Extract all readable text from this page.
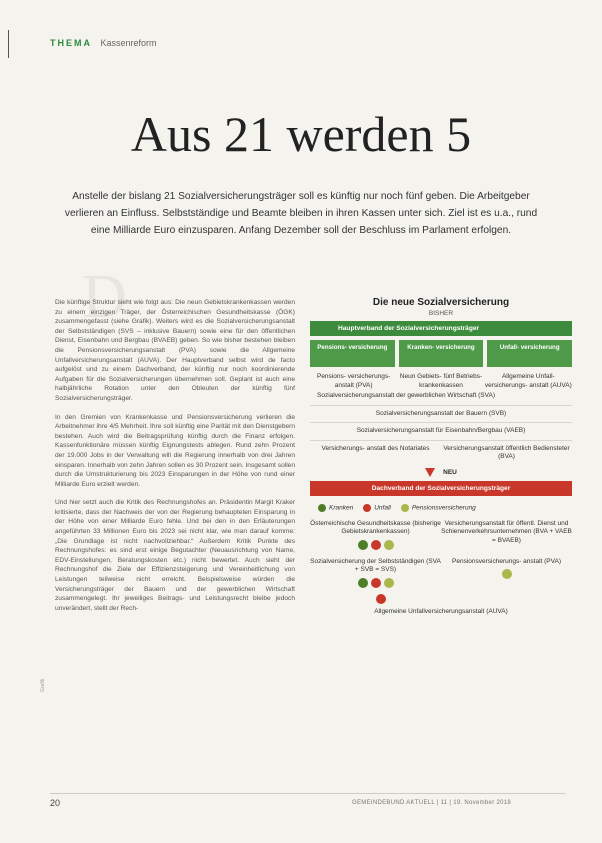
THEMA Kassenreform
Aus 21 werden 5
Anstelle der bislang 21 Sozialversicherungsträger soll es künftig nur noch fünf geben. Die Arbeitgeber verlieren an Einfluss. Selbstständige und Beamte bleiben in ihren Kassen unter sich. Ziel ist es u.a., rund eine Milliarde Euro einzusparen. Anfang Dezember soll der Beschluss im Parlament erfolgen.
D

Die künftige Struktur sieht wie folgt aus: Die neun Gebietskrankenkassen werden zu einem einzigen Träger, der Österreichischen Gesundheitskasse (ÖGK) zusammengefasst (siehe Grafik). Weiters wird es die Sozialversicherungsanstalt der Selbstständigen (SVS – inklusive Bauern) sowie eine für den öffentlichen Dienst, Eisenbahn und Bergbau (BVAEB) geben. So wie bisher bestehen bleiben die Pensionsversicherungsanstalt (PVA) sowie die Allgemeine Unfallversicherungsanstalt (AUVA). Der Hauptverband selbst wird de facto aufgelöst und zu einem Dachverband, der künftig nur noch koordinierende Aufgaben für die Sozialversicherungen übernehmen soll. Geplant ist auch eine halbjährliche Rotation unter den Obleuten der künftig fünf Sozialversicherungsträger.

In den Gremien von Krankenkasse und Pensionsversicherung verlieren die Arbeitnehmer ihre 4/5 Mehrheit. Ihre soll künftig eine Parität mit den Dienstgebern bestehen. Auch wird die Beitragsprüfung künftig durch die Finanz erfolgen. Kassenfunktionäre müssen künftig Eignungstests ablegen. Rund zehn Prozent der 19.000 Jobs in der Verwaltung will die Regierung innerhalb von drei Jahren einsparen. Innerhalb von zehn Jahren sollen es 30 Prozent sein. Insgesamt sollen durch die Umstrukturierung bis 2023 Einsparungen in der Höhe von rund einer Milliarde Euro erzielt werden.

Und hier setzt auch die Kritik des Rechnungshofes an. Präsidentin Margit Kraker kritisierte, dass der Nachweis der von der Regierung behaupteten Einsparung in der Höhe von einer Milliarde Euro fehle. Und bei den in den Erläuterungen angeführten 33 Millionen Euro bis 2023 sei nicht klar, wie man darauf komme: „Die Grundlage ist nicht nachvollziehbar.“ Außerdem Kritik Punkte des Rechnungshofes: es sind erst einige Begutachter (Neuausrichtung von Name, EDV-Einstellungen, Beratungskosten etc.) nicht bewertet. Auch sieht der Rechnungshof die Ziele der Effizienzsteigerung und Vereinheitlichung von Leistungen teilweise nicht erreicht. Beispielsweise würden die Versicherungsträger der Bauern und der gewerblichen Wirtschaft zusammengelegt. Ihr jeweiliges Beitrags- und Leistungsrecht bleibe jedoch unverändert, stellt der Rech-

Grafik
Die neue Sozialversicherung
BISHER
Hauptverband der Sozialversicherungsträger
Pensions- versicherung	Kranken- versicherung	Unfall- versicherung
Pensions- versicherungs- anstalt (PVA)
Neun Gebiets- fünf Betriebs- krankenkassen
Allgemeine Unfall- versicherungs- anstalt (AUVA)
Sozialversicherungsanstalt der gewerblichen Wirtschaft (SVA)
Sozialversicherungsanstalt der Bauern (SVB)
Sozialversicherungsanstalt für Eisenbahn/Bergbau (VAEB)
Versicherungs- anstalt des Notariates	Versicherungsanstalt öffentlich Bediensteter (BVA)
NEU
Dachverband der Sozialversicherungsträger
Kranken	Unfall	Pensionsversicherung
Österreichische Gesundheitskasse (bisherige Gebietskrankenkassen)
Versicherungsanstalt für öffentl. Dienst und Schienenverkehrsunternehmen (BVA + VAEB = BVAEB)
Sozialversicherung der Selbstständigen (SVA + SVB = SVS)
Pensionsversicherungs- anstalt (PVA)
Allgemeine Unfallversicherungsanstalt (AUVA)
20	GEMEINDEBUND AKTUELL | 11 | 19. November 2018
